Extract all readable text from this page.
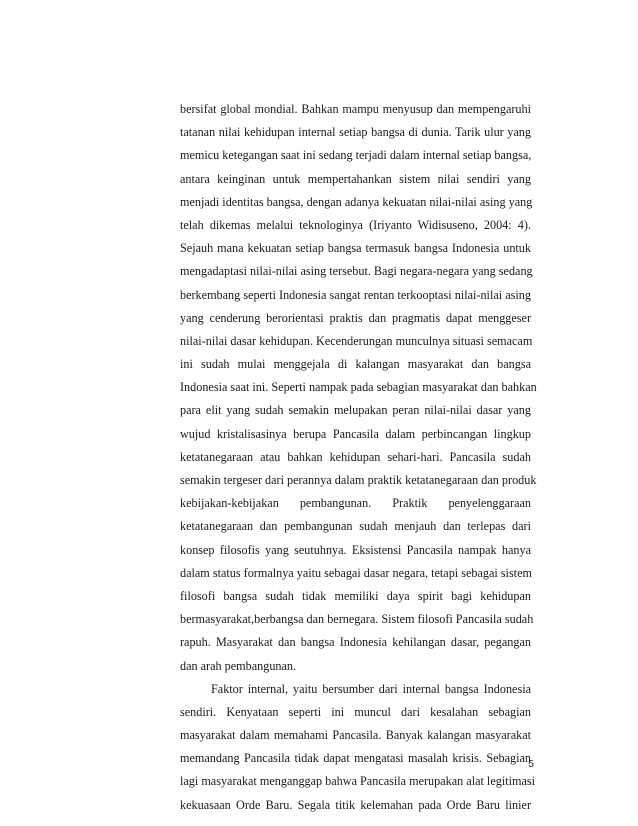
bersifat global mondial. Bahkan mampu menyusup dan mempengaruhi
tatanan nilai kehidupan internal setiap bangsa di dunia. Tarik ulur yang
memicu ketegangan saat ini sedang terjadi dalam internal setiap bangsa,
antara keinginan untuk mempertahankan sistem nilai sendiri yang
menjadi identitas bangsa, dengan adanya kekuatan nilai-nilai asing yang
telah dikemas melalui teknologinya (Iriyanto Widisuseno, 2004: 4).
Sejauh mana kekuatan setiap bangsa termasuk bangsa Indonesia untuk
mengadaptasi nilai-nilai asing tersebut. Bagi negara-negara yang sedang
berkembang seperti Indonesia sangat rentan terkooptasi nilai-nilai asing
yang cenderung berorientasi praktis dan pragmatis dapat menggeser
nilai-nilai dasar kehidupan. Kecenderungan munculnya situasi semacam
ini sudah mulai menggejala di kalangan masyarakat dan bangsa
Indonesia saat ini. Seperti nampak pada sebagian masyarakat dan bahkan
para elit yang sudah semakin melupakan peran nilai-nilai dasar yang
wujud kristalisasinya berupa Pancasila dalam perbincangan lingkup
ketatanegaraan atau bahkan kehidupan sehari-hari. Pancasila sudah
semakin tergeser dari perannya dalam praktik ketatanegaraan dan produk
kebijakan-kebijakan pembangunan. Praktik penyelenggaraan
ketatanegaraan dan pembangunan sudah menjauh dan terlepas dari
konsep filosofis yang seutuhnya. Eksistensi Pancasila nampak hanya
dalam status formalnya yaitu sebagai dasar negara, tetapi sebagai sistem
filosofi bangsa sudah tidak memiliki daya spirit bagi kehidupan
bermasyarakat,berbangsa dan bernegara. Sistem filosofi Pancasila sudah
rapuh. Masyarakat dan bangsa Indonesia kehilangan dasar, pegangan
dan arah pembangunan.
Faktor internal, yaitu bersumber dari internal bangsa Indonesia
sendiri. Kenyataan seperti ini muncul dari kesalahan sebagian
masyarakat dalam memahami Pancasila. Banyak kalangan masyarakat
memandang Pancasila tidak dapat mengatasi masalah krisis. Sebagian
lagi masyarakat menganggap bahwa Pancasila merupakan alat legitimasi
kekuasaan Orde Baru. Segala titik kelemahan pada Orde Baru linier
5
